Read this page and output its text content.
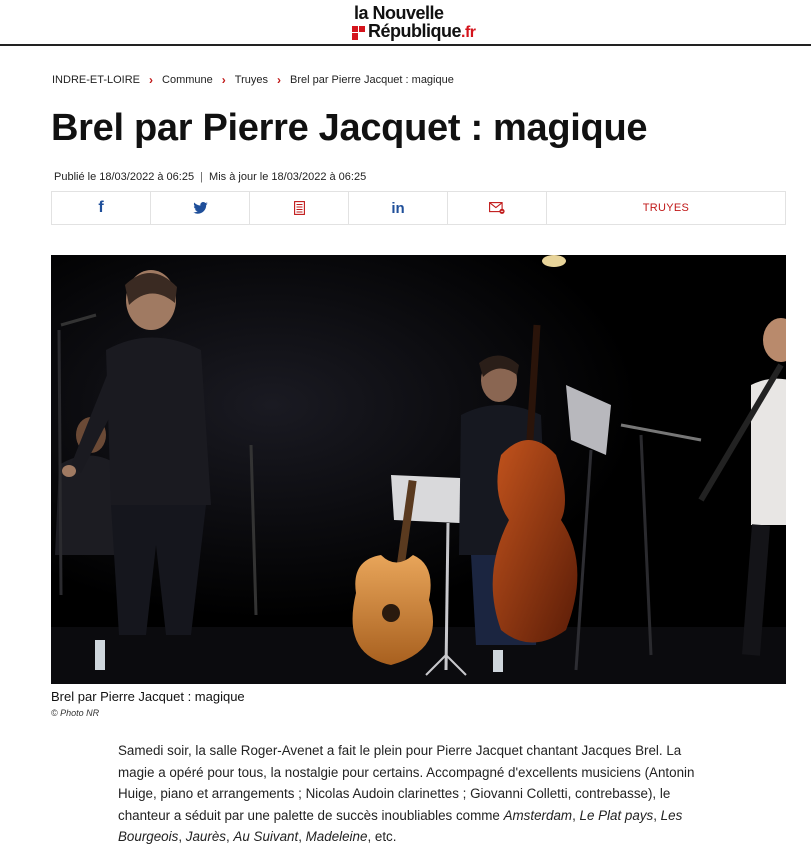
la Nouvelle
République.fr
INDRE-ET-LOIRE › Commune › Truyes › Brel par Pierre Jacquet : magique
Brel par Pierre Jacquet : magique
Publié le 18/03/2022 à 06:25 | Mis à jour le 18/03/2022 à 06:25
f	in	TRUYES
Brel par Pierre Jacquet : magique
© Photo NR

Samedi soir, la salle Roger-Avenet a fait le plein pour Pierre Jacquet chantant Jacques Brel. La magie a opéré pour tous, la nostalgie pour certains. Accompagné d'excellents musiciens (Antonin Huige, piano et arrangements ; Nicolas Audoin clarinettes ; Giovanni Colletti, contrebasse), le chanteur a séduit par une palette de succès inoubliables comme Amsterdam, Le Plat pays, Les Bourgeois, Jaurès, Au Suivant, Madeleine, etc.
